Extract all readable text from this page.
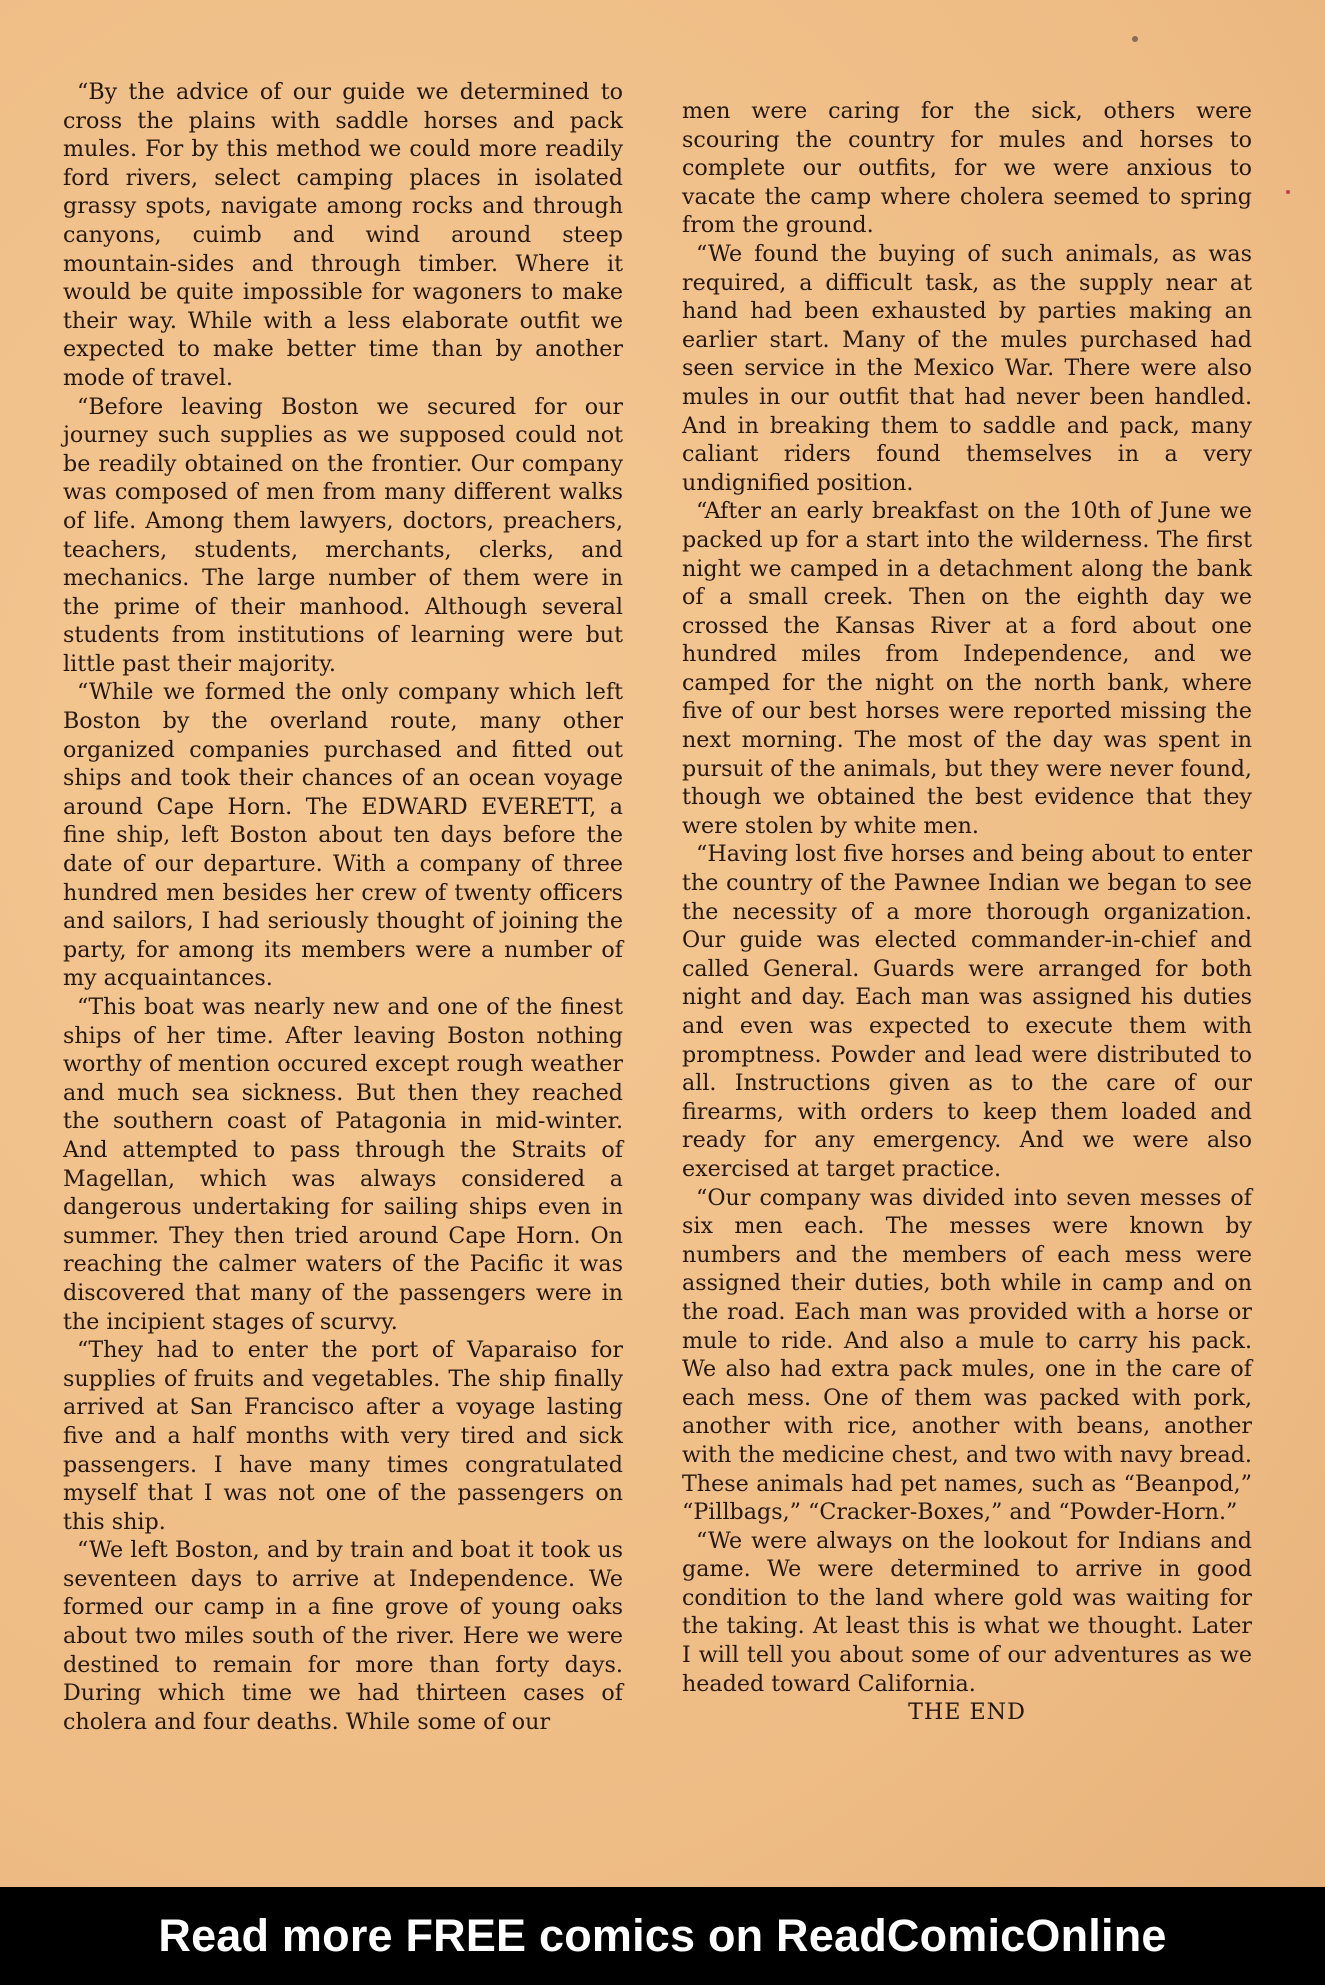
“By the advice of our guide we determined to cross the plains with saddle horses and pack mules. For by this method we could more readily ford rivers, select camping places in isolated grassy spots, navigate among rocks and through canyons, cuimb and wind around steep mountain-sides and through timber. Where it would be quite impossible for wagoners to make their way. While with a less elaborate outfit we expected to make better time than by another mode of travel.

“Before leaving Boston we secured for our journey such supplies as we supposed could not be readily obtained on the frontier. Our company was composed of men from many different walks of life. Among them lawyers, doctors, preachers, teachers, students, merchants, clerks, and mechanics. The large number of them were in the prime of their manhood. Although several students from institutions of learning were but little past their majority.

“While we formed the only company which left Boston by the overland route, many other organized companies purchased and fitted out ships and took their chances of an ocean voyage around Cape Horn. The EDWARD EVERETT, a fine ship, left Boston about ten days before the date of our departure. With a company of three hundred men besides her crew of twenty officers and sailors, I had seriously thought of joining the party, for among its members were a number of my acquaintances.

“This boat was nearly new and one of the finest ships of her time. After leaving Boston nothing worthy of mention occured except rough weather and much sea sickness. But then they reached the southern coast of Patagonia in mid-winter. And attempted to pass through the Straits of Magellan, which was always considered a dangerous undertaking for sailing ships even in summer. They then tried around Cape Horn. On reaching the calmer waters of the Pacific it was discovered that many of the passengers were in the incipient stages of scurvy.

“They had to enter the port of Vaparaiso for supplies of fruits and vegetables. The ship finally arrived at San Francisco after a voyage lasting five and a half months with very tired and sick passengers. I have many times congratulated myself that I was not one of the passengers on this ship.

“We left Boston, and by train and boat it took us seventeen days to arrive at Independence. We formed our camp in a fine grove of young oaks about two miles south of the river. Here we were destined to remain for more than forty days. During which time we had thirteen cases of cholera and four deaths. While some of our

men were caring for the sick, others were scouring the country for mules and horses to complete our outfits, for we were anxious to vacate the camp where cholera seemed to spring from the ground.

“We found the buying of such animals, as was required, a difficult task, as the supply near at hand had been exhausted by parties making an earlier start. Many of the mules purchased had seen service in the Mexico War. There were also mules in our outfit that had never been handled. And in breaking them to saddle and pack, many caliant riders found themselves in a very undignified position.

“After an early breakfast on the 10th of June we packed up for a start into the wilderness. The first night we camped in a detachment along the bank of a small creek. Then on the eighth day we crossed the Kansas River at a ford about one hundred miles from Independence, and we camped for the night on the north bank, where five of our best horses were reported missing the next morning. The most of the day was spent in pursuit of the animals, but they were never found, though we obtained the best evidence that they were stolen by white men.

“Having lost five horses and being about to enter the country of the Pawnee Indian we began to see the necessity of a more thorough organization. Our guide was elected commander-in-chief and called General. Guards were arranged for both night and day. Each man was assigned his duties and even was expected to execute them with promptness. Powder and lead were distributed to all. Instructions given as to the care of our firearms, with orders to keep them loaded and ready for any emergency. And we were also exercised at target practice.

“Our company was divided into seven messes of six men each. The messes were known by numbers and the members of each mess were assigned their duties, both while in camp and on the road. Each man was provided with a horse or mule to ride. And also a mule to carry his pack. We also had extra pack mules, one in the care of each mess. One of them was packed with pork, another with rice, another with beans, another with the medicine chest, and two with navy bread. These animals had pet names, such as “Beanpod,” “Pillbags,” “Cracker-Boxes,” and “Powder-Horn.”

“We were always on the lookout for Indians and game. We were determined to arrive in good condition to the land where gold was waiting for the taking. At least this is what we thought. Later I will tell you about some of our adventures as we headed toward California.

THE END

Read more FREE comics on ReadComicOnline
